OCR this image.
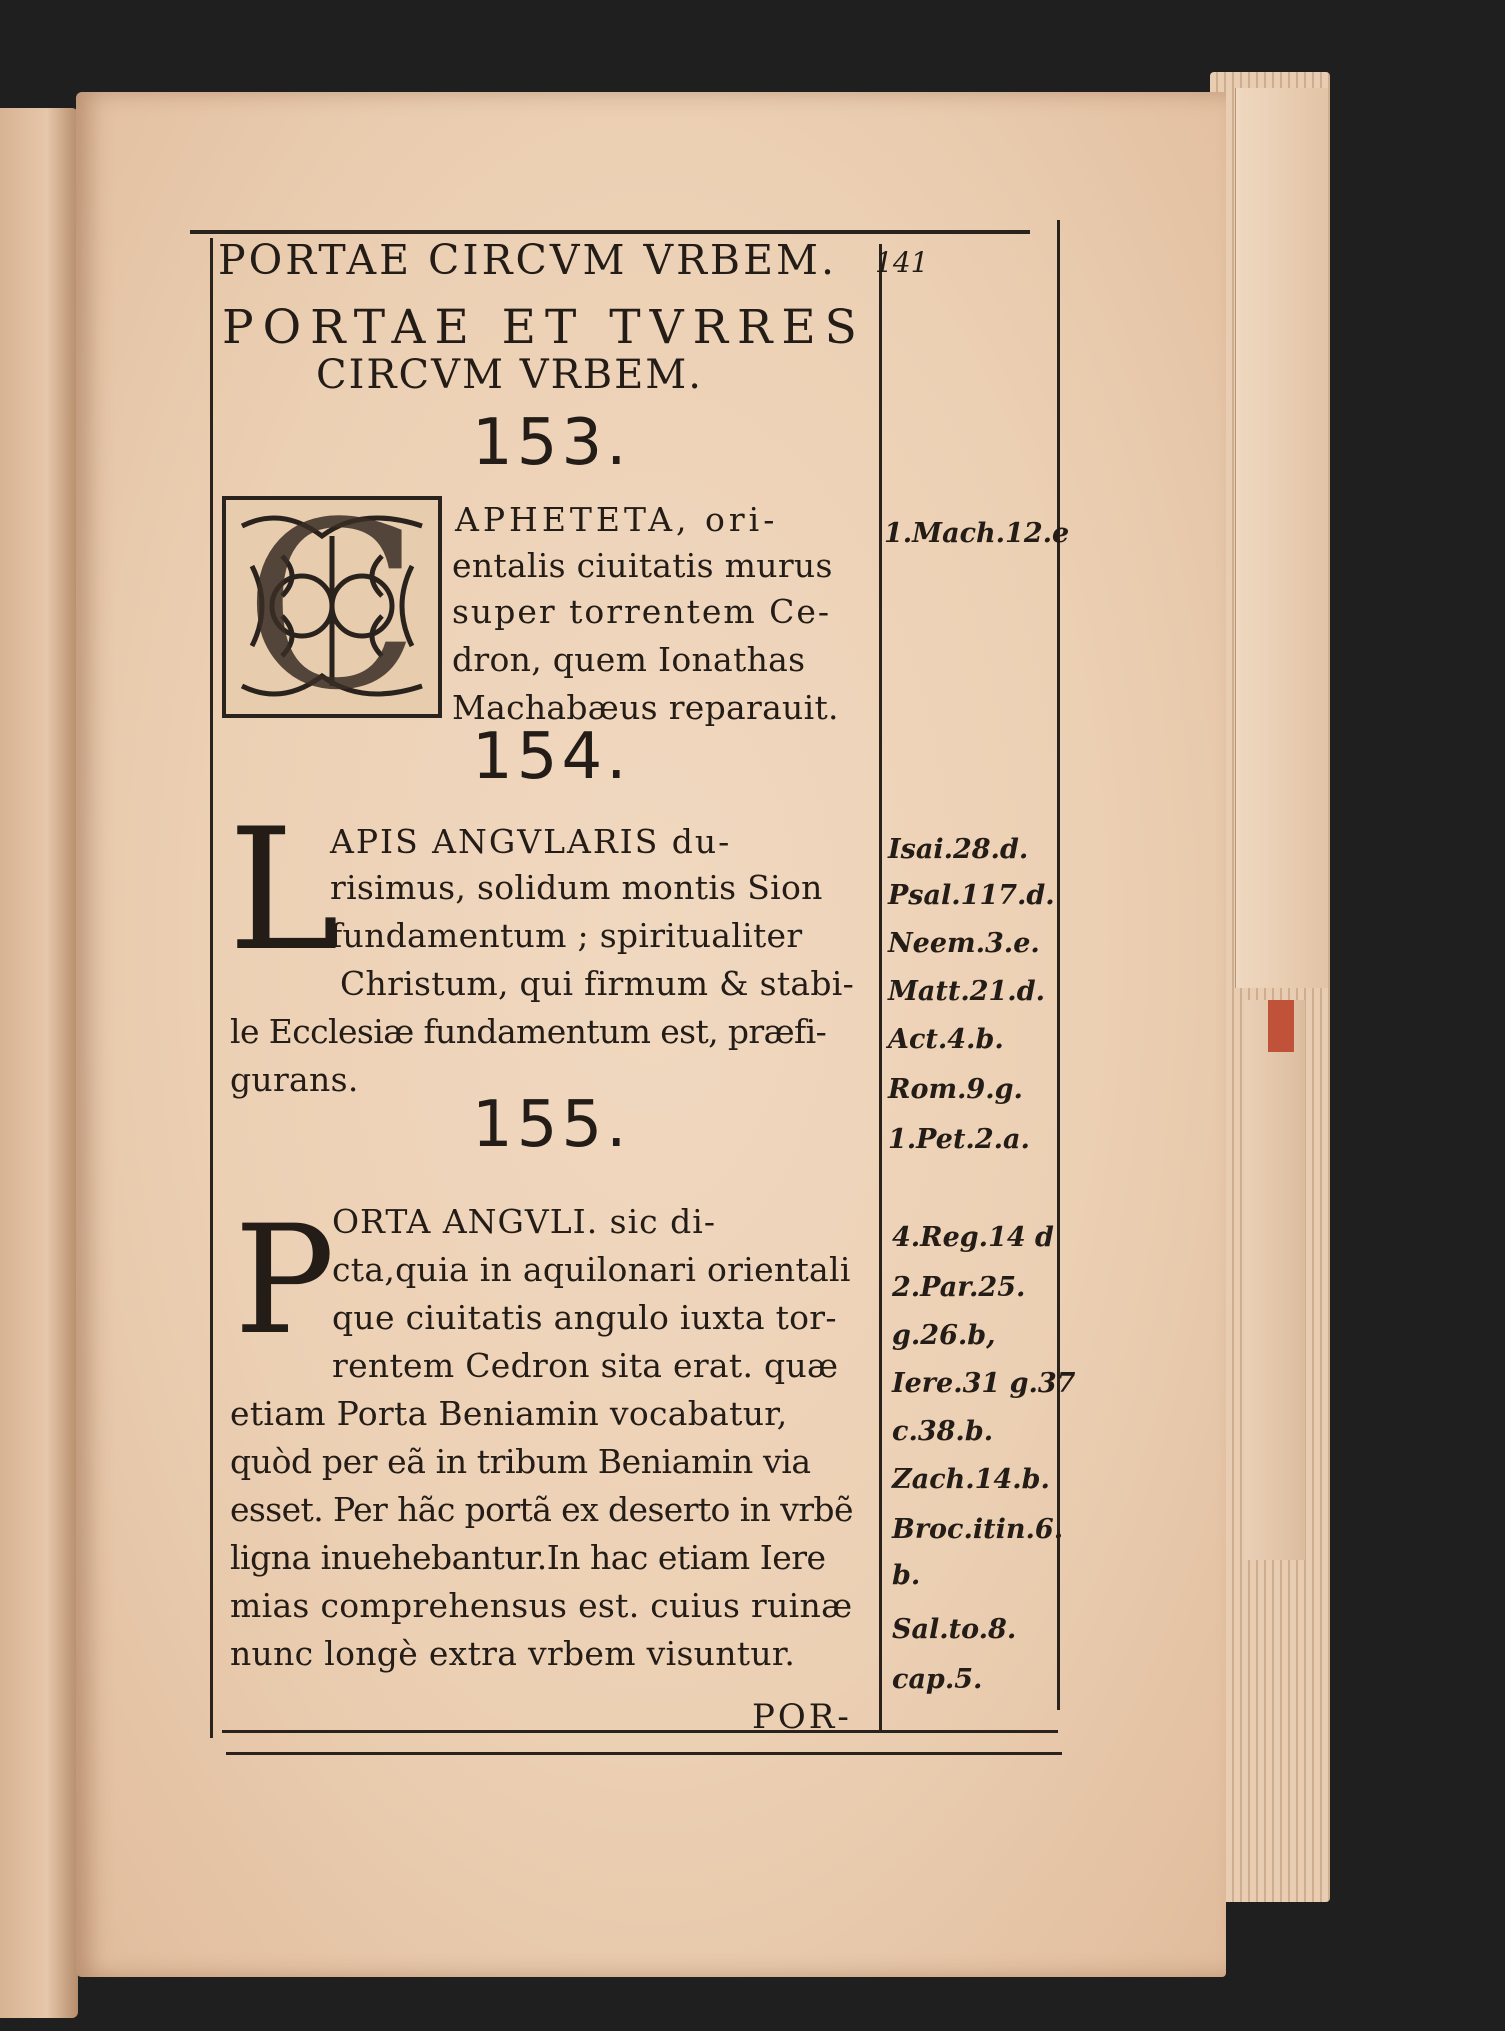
PORTAE CIRCVM VRBEM. 141
PORTAE ET TVRRES
CIRCVM VRBEM.
153.
C APHETETA, ori-
entalis ciuitatis murus
super torrentem Ce-
dron, quem Ionathas
Machabæus reparauit.
154.
L
APIS ANGVLARIS du-
risimus, solidum montis Sion
fundamentum ; spiritualiter
Christum, qui firmum & stabi-
le Ecclesiæ fundamentum est, præfi-
gurans.
155.
P
ORTA ANGVLI. sic di-
cta,quia in aquilonari orientali
que ciuitatis angulo iuxta tor-
rentem Cedron sita erat. quæ
etiam Porta Beniamin vocabatur,
quòd per eã in tribum Beniamin via
esset. Per hãc portã ex deserto in vrbẽ
ligna inuehebantur.In hac etiam Iere
mias comprehensus est. cuius ruinæ
nunc longè extra vrbem visuntur.
POR-
1.Mach.12.e
Isai.28.d.
Psal.117.d.
Neem.3.e.
Matt.21.d.
Act.4.b.
Rom.9.g.
1.Pet.2.a.
4.Reg.14 d
2.Par.25.
g.26.b,
Iere.31 g.37
c.38.b.
Zach.14.b.
Broc.itin.6.
b.
Sal.to.8.
cap.5.
